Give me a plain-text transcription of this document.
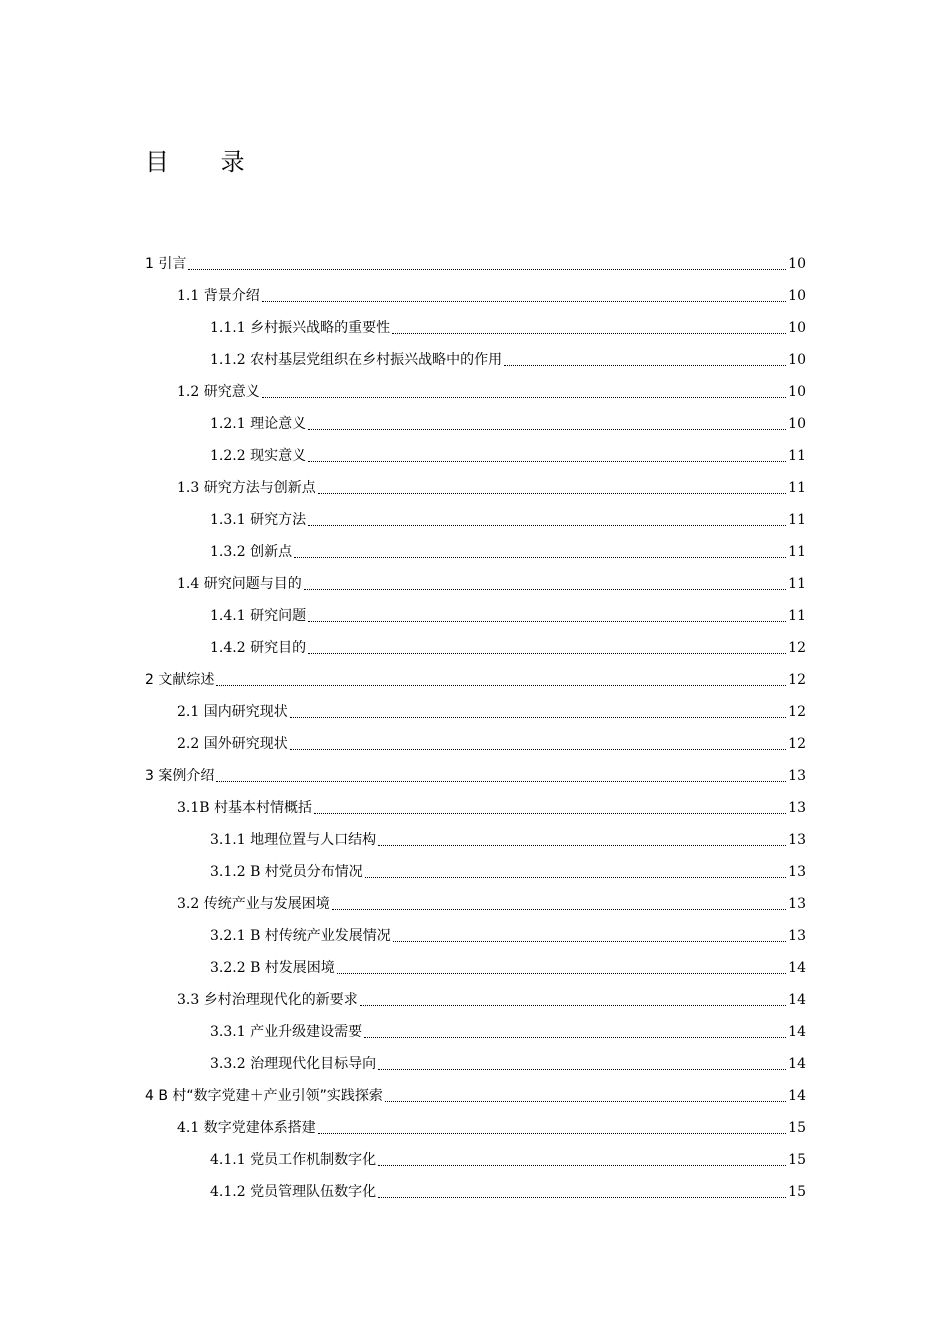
目 录
1 引言	10
1.1 背景介绍	10
1.1.1 乡村振兴战略的重要性	10
1.1.2 农村基层党组织在乡村振兴战略中的作用	10
1.2 研究意义	10
1.2.1 理论意义	10
1.2.2 现实意义	11
1.3 研究方法与创新点	11
1.3.1 研究方法	11
1.3.2 创新点	11
1.4 研究问题与目的	11
1.4.1 研究问题	11
1.4.2 研究目的	12
2 文献综述	12
2.1 国内研究现状	12
2.2 国外研究现状	12
3 案例介绍	13
3.1B 村基本村情概括	13
3.1.1 地理位置与人口结构	13
3.1.2 B 村党员分布情况	13
3.2 传统产业与发展困境	13
3.2.1 B 村传统产业发展情况	13
3.2.2 B 村发展困境	14
3.3 乡村治理现代化的新要求	14
3.3.1 产业升级建设需要	14
3.3.2 治理现代化目标导向	14
4 B 村“数字党建＋产业引领”实践探索	14
4.1 数字党建体系搭建	15
4.1.1 党员工作机制数字化	15
4.1.2 党员管理队伍数字化	15
